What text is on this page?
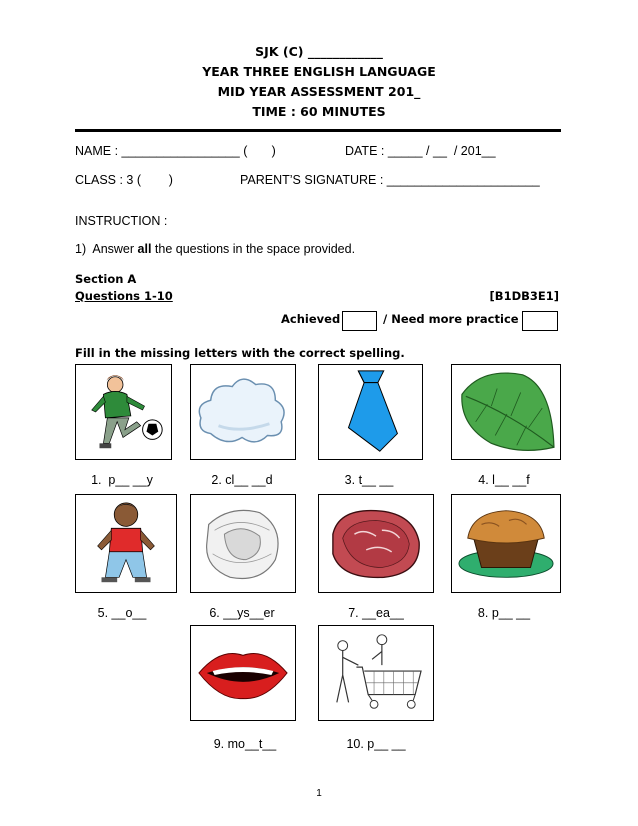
SJK (C) ____________
YEAR THREE ENGLISH LANGUAGE
MID YEAR ASSESSMENT 201_
TIME : 60 MINUTES
NAME : _________________ (       )	DATE : _____ / __  / 201__
CLASS : 3 (        )	PARENT’S SIGNATURE : ______________________
INSTRUCTION :
1)  Answer all the questions in the space provided.
Section A
Questions 1-10	[B1DB3E1]
Achieved	/ Need more practice
Fill in the missing letters with the correct spelling.
1.  p__ __y	2. cl__ __d	3. t__ __	4. l__ __f
5. __o__	6. __ys__er	7. __ea__	8. p__ __
9. mo__t__	10. p__ __
1
